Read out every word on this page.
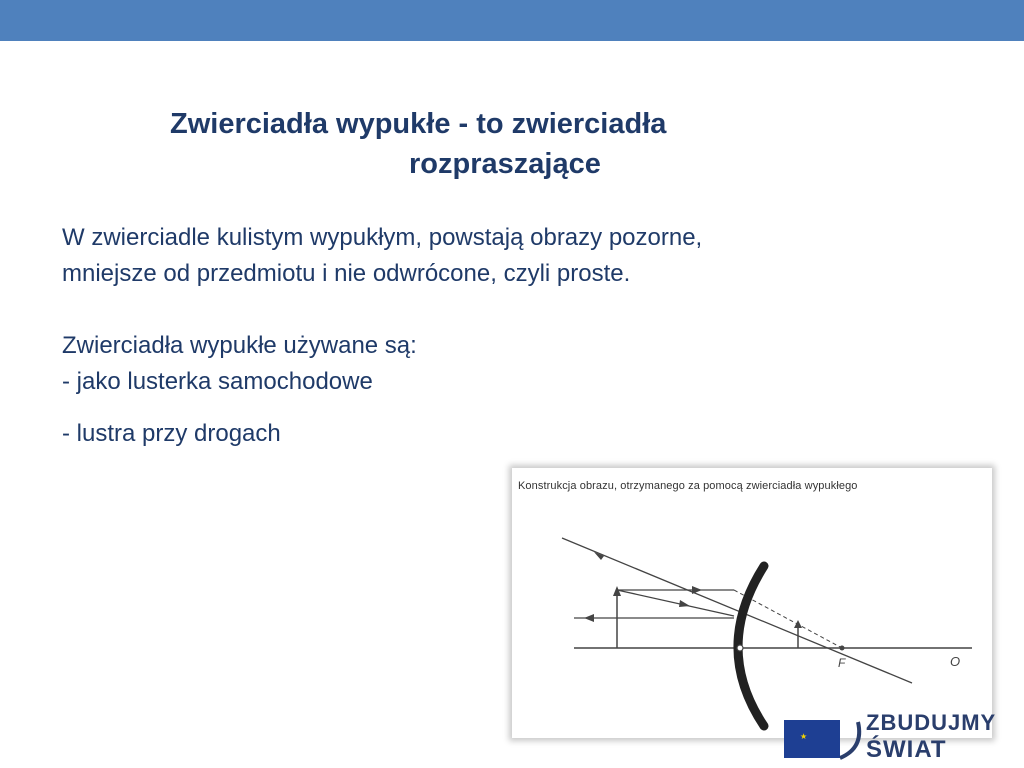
Zwierciadła wypukłe - to zwierciadła
rozpraszające

W zwierciadle kulistym wypukłym, powstają obrazy pozorne,

mniejsze od przedmiotu i nie odwrócone, czyli proste.

Zwierciadła wypukłe używane są:

- jako lusterka samochodowe

- lustra przy drogach

Konstrukcja obrazu, otrzymanego za pomocą zwierciadła wypukłego
F	O
★
ZBUDUJMY
ŚWIAT
